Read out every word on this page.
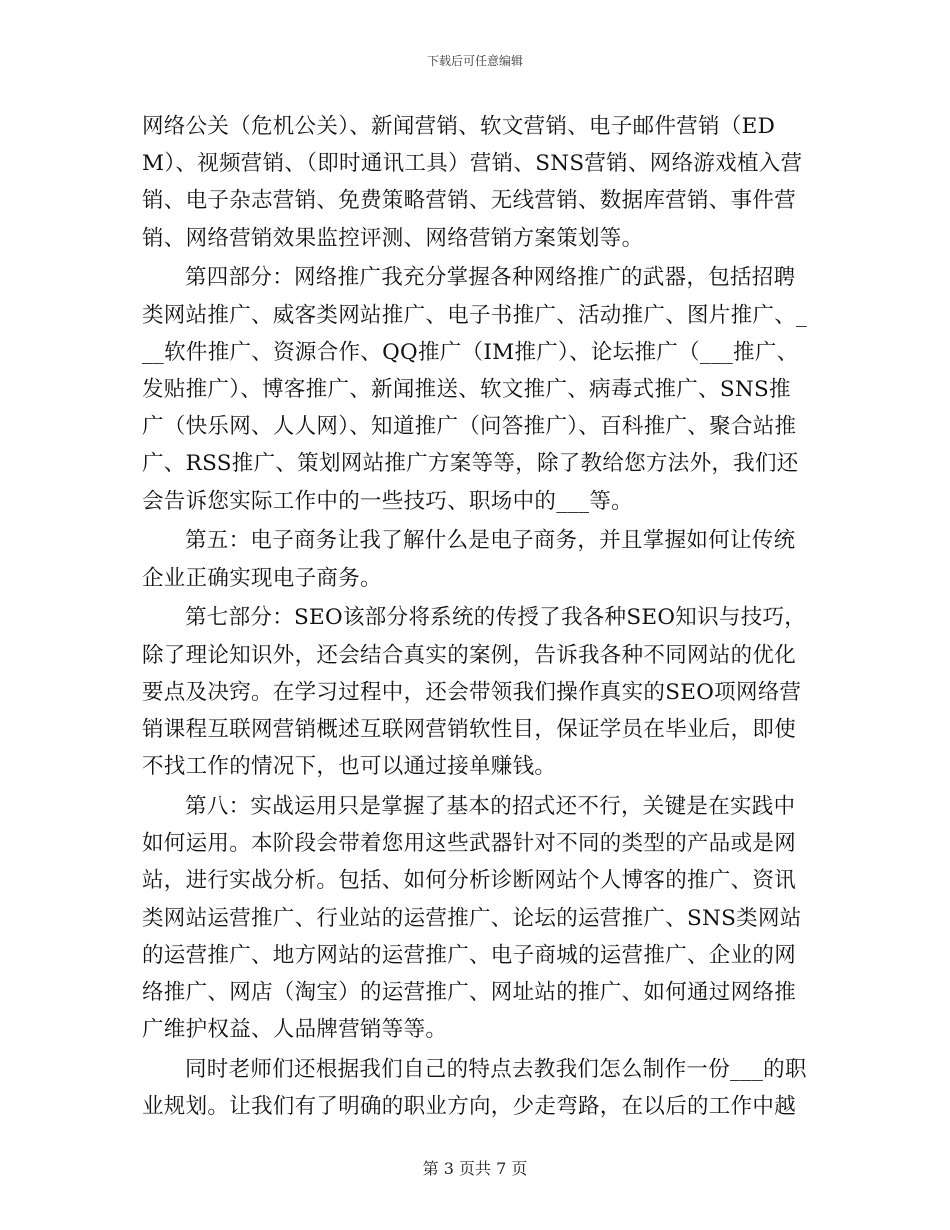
下载后可任意编辑

网络公关（危机公关）、新闻营销、软文营销、电子邮件营销（EDM）、视频营销、（即时通讯工具）营销、SNS营销、网络游戏植入营销、电子杂志营销、免费策略营销、无线营销、数据库营销、事件营销、网络营销效果监控评测、网络营销方案策划等。

第四部分：网络推广我充分掌握各种网络推广的武器，包括招聘类网站推广、威客类网站推广、电子书推广、活动推广、图片推广、___软件推广、资源合作、QQ推广（IM推广）、论坛推广（___推广、发贴推广）、博客推广、新闻推送、软文推广、病毒式推广、SNS推广（快乐网、人人网）、知道推广（问答推广）、百科推广、聚合站推广、RSS推广、策划网站推广方案等等，除了教给您方法外，我们还会告诉您实际工作中的一些技巧、职场中的___等。

第五：电子商务让我了解什么是电子商务，并且掌握如何让传统企业正确实现电子商务。

第七部分：SEO该部分将系统的传授了我各种SEO知识与技巧，除了理论知识外，还会结合真实的案例，告诉我各种不同网站的优化要点及决窍。在学习过程中，还会带领我们操作真实的SEO项网络营销课程互联网营销概述互联网营销软性目，保证学员在毕业后，即使不找工作的情况下，也可以通过接单赚钱。

第八：实战运用只是掌握了基本的招式还不行，关键是在实践中如何运用。本阶段会带着您用这些武器针对不同的类型的产品或是网站，进行实战分析。包括、如何分析诊断网站个人博客的推广、资讯类网站运营推广、行业站的运营推广、论坛的运营推广、SNS类网站的运营推广、地方网站的运营推广、电子商城的运营推广、企业的网络推广、网店（淘宝）的运营推广、网址站的推广、如何通过网络推广维护权益、人品牌营销等等。

同时老师们还根据我们自己的特点去教我们怎么制作一份___的职业规划。让我们有了明确的职业方向，少走弯路，在以后的工作中越

第 3 页共 7 页
